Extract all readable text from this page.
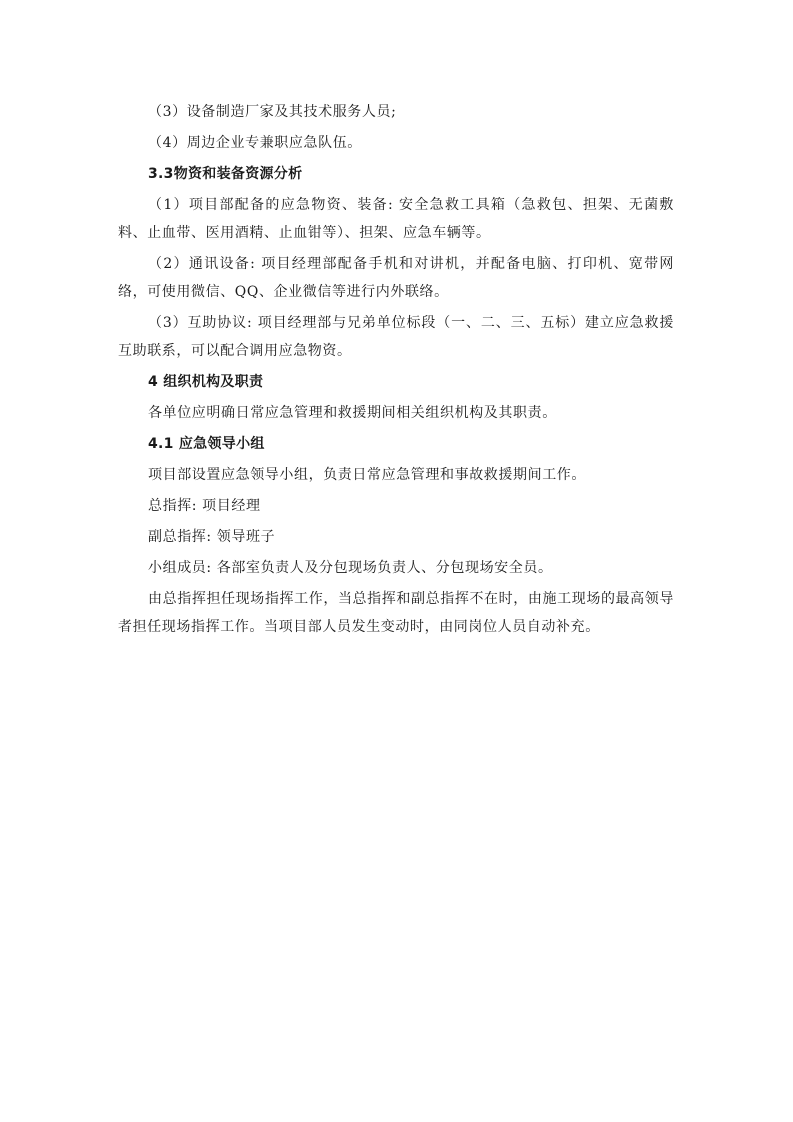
（3）设备制造厂家及其技术服务人员;

（4）周边企业专兼职应急队伍。

3.3物资和装备资源分析

（1）项目部配备的应急物资、装备: 安全急救工具箱（急救包、担架、无菌敷料、止血带、医用酒精、止血钳等）、担架、应急车辆等。

（2）通讯设备: 项目经理部配备手机和对讲机，并配备电脑、打印机、宽带网络，可使用微信、QQ、企业微信等进行内外联络。

（3）互助协议: 项目经理部与兄弟单位标段（一、二、三、五标）建立应急救援互助联系，可以配合调用应急物资。

4 组织机构及职责

各单位应明确日常应急管理和救援期间相关组织机构及其职责。

4.1 应急领导小组

项目部设置应急领导小组，负责日常应急管理和事故救援期间工作。

总指挥: 项目经理

副总指挥: 领导班子

小组成员: 各部室负责人及分包现场负责人、分包现场安全员。

由总指挥担任现场指挥工作，当总指挥和副总指挥不在时，由施工现场的最高领导者担任现场指挥工作。当项目部人员发生变动时，由同岗位人员自动补充。
